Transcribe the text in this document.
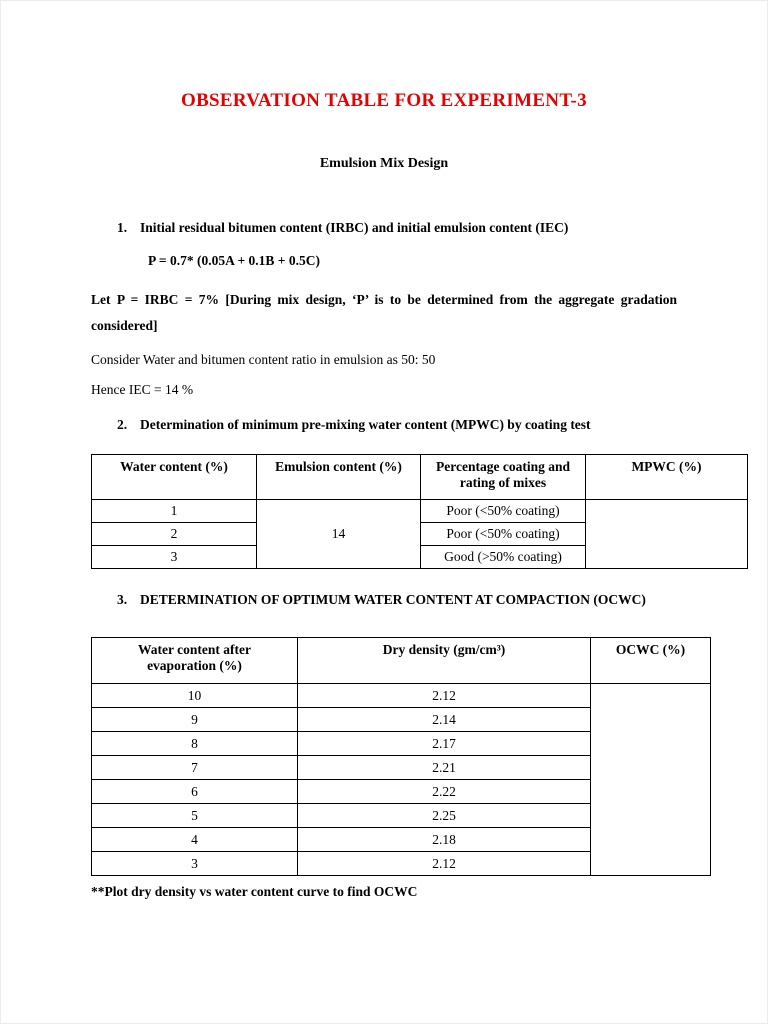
OBSERVATION TABLE FOR EXPERIMENT-3
Emulsion Mix Design
1. Initial residual bitumen content (IRBC) and initial emulsion content (IEC)

P = 0.7* (0.05A + 0.1B + 0.5C)

Let P = IRBC = 7% [During mix design, ‘P’ is to be determined from the aggregate gradation considered]

Consider Water and bitumen content ratio in emulsion as 50: 50

Hence IEC = 14 %

2. Determination of minimum pre-mixing water content (MPWC) by coating test
Water content (%)	Emulsion content (%)	Percentage coating and rating of mixes	MPWC (%)
1	14	Poor (<50% coating)	
2		Poor (<50% coating)	
3		Good (>50% coating)	
3. DETERMINATION OF OPTIMUM WATER CONTENT AT COMPACTION (OCWC)
Water content after evaporation (%)	Dry density (gm/cm³)	OCWC (%)
10	2.12	
9	2.14	
8	2.17	
7	2.21	
6	2.22	
5	2.25	
4	2.18	
3	2.12	

**Plot dry density vs water content curve to find OCWC
